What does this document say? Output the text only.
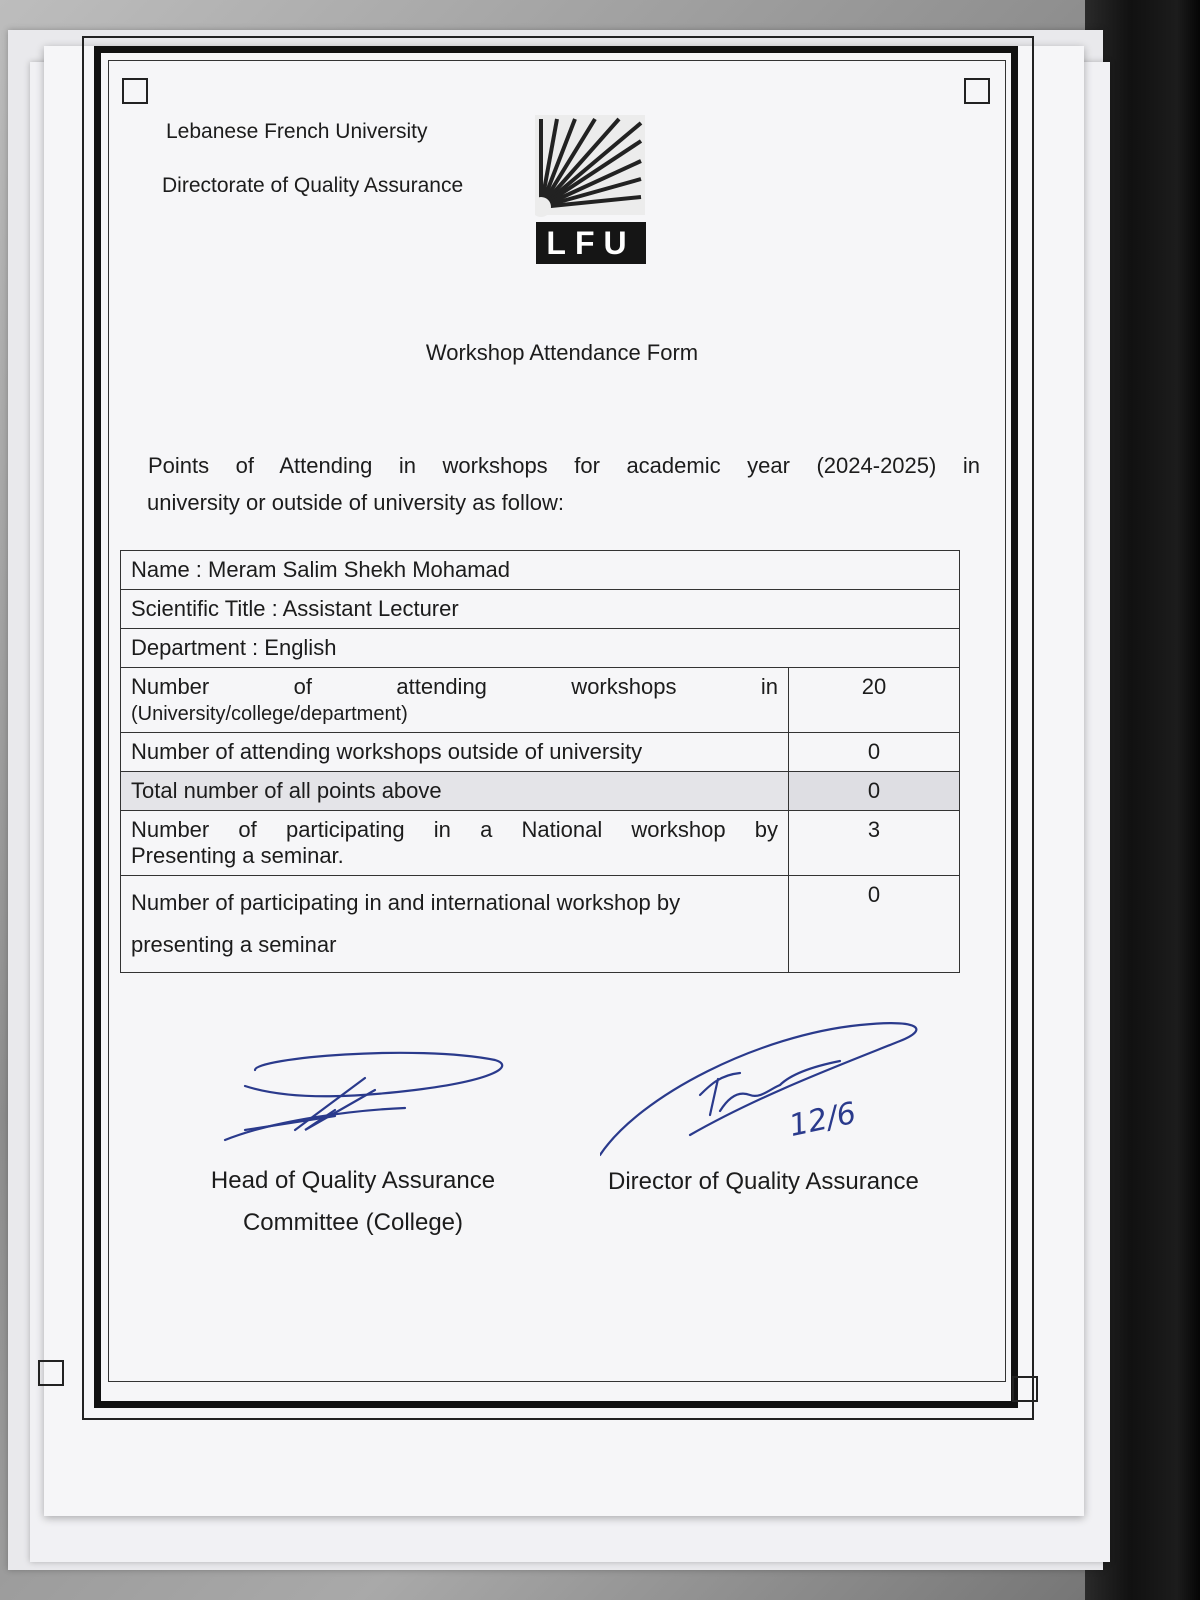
Lebanese French University
Directorate of Quality Assurance
LFU
Workshop Attendance Form
Points of Attending in workshops for academic year (2024-2025) in
university or outside of university as follow:
Name : Meram Salim Shekh Mohamad	
Scientific Title : Assistant Lecturer	
Department : English	

Number of attending workshops in
(University/college/department)	20
Number of attending workshops outside of university	0
Total number of all points above	0

Number of participating in a National workshop by
Presenting a seminar.	3
Number of participating in and international workshop by
presenting a seminar	0
12/6
Head of Quality Assurance
Committee (College)
Director of Quality Assurance
